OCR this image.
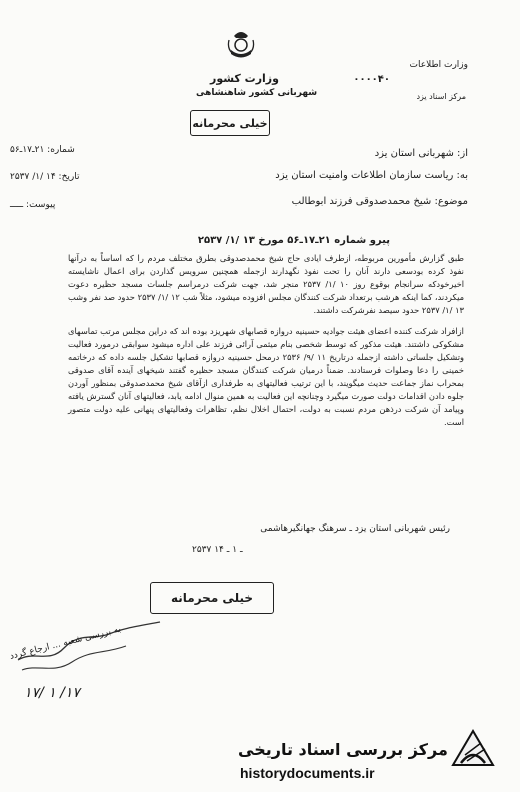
وزارت کشور
شهربانی کشور شاهنشاهی
خیلی محرمانه
وزارت اطلاعات
۰۰۰۰۴۰
مرکز اسناد یزد
شماره: ۲۱ـ۱۷ـ۵۶
تاریخ: ۱۴ /۱/ ۲۵۳۷
پیوست: ـــــ
از: شهربانی استان یزد
به: ریاست سازمان اطلاعات وامنیت استان یزد
موضوع: شیخ محمدصدوقی فرزند ابوطالب
پیرو شماره ۲۱ـ۱۷ـ۵۶ مورخ ۱۳ /۱/ ۲۵۳۷

طبق گزارش مأمورین مربوطه، ازطرف ایادی حاج شیخ محمدصدوقی بطرق مختلف مردم را که اساساً به درآنها نفوذ کرده بودسعی دارند آنان را تحت نفوذ نگهدارند ازجمله همچنین سرویس گذاردن برای اعمال ناشایسته اخیرخودکه سرانجام بوقوع روز ۱۰ /۱/ ۲۵۳۷ منجر شد، جهت شرکت درمراسم جلسات مسجد حظیره دعوت میکردند، کما اینکه هرشب برتعداد شرکت کنندگان مجلس افزوده میشود، مثلاً شب ۱۲ /۱/ ۲۵۳۷ حدود صد نفر وشب ۱۳ /۱/ ۲۵۳۷ حدود سیصد نفرشرکت داشتند.

ازافراد شرکت کننده اعضای هیئت جوادیه حسینیه دروازه قصابهای شهریزد بوده اند که دراین مجلس مرتب تماسهای مشکوکی داشتند. هیئت مذکور که توسط شخصی بنام میثمی آرائی فرزند علی اداره میشود سوابقی درمورد فعالیت وتشکیل جلساتی داشته ازجمله درتاریخ ۱۱ /۹/ ۲۵۳۶ درمحل حسینیه دروازه قصابها تشکیل جلسه داده که درخاتمه خمینی را دعا وصلوات فرستادند. ضمناً درمیان شرکت کنندگان مسجد حظیره گفتند شیخهای آینده آقای صدوقی بمحراب نماز جماعت حدیث میگویند، با این ترتیب فعالیتهای به طرفداری ازآقای شیخ محمدصدوقی بمنظور آوردن جلوه دادن اقدامات دولت صورت میگیرد وچنانچه این فعالیت به همین منوال ادامه یابد، فعالیتهای آنان گسترش یافته وپیامد آن شرکت درذهن مردم نسبت به دولت، احتمال اخلال نظم، تظاهرات وفعالیتهای پنهانی علیه دولت متصور است.

رئیس شهربانی استان یزد ـ سرهنگ جهانگیرهاشمی
۲۵۳۷ ـ ۱ ـ ۱۴
خیلی محرمانه
به بررسی شعبه ... ارجاع گردد
۱۷/ ۱ /۱۷
مرکز بررسی اسناد تاریخی
historydocuments.ir
